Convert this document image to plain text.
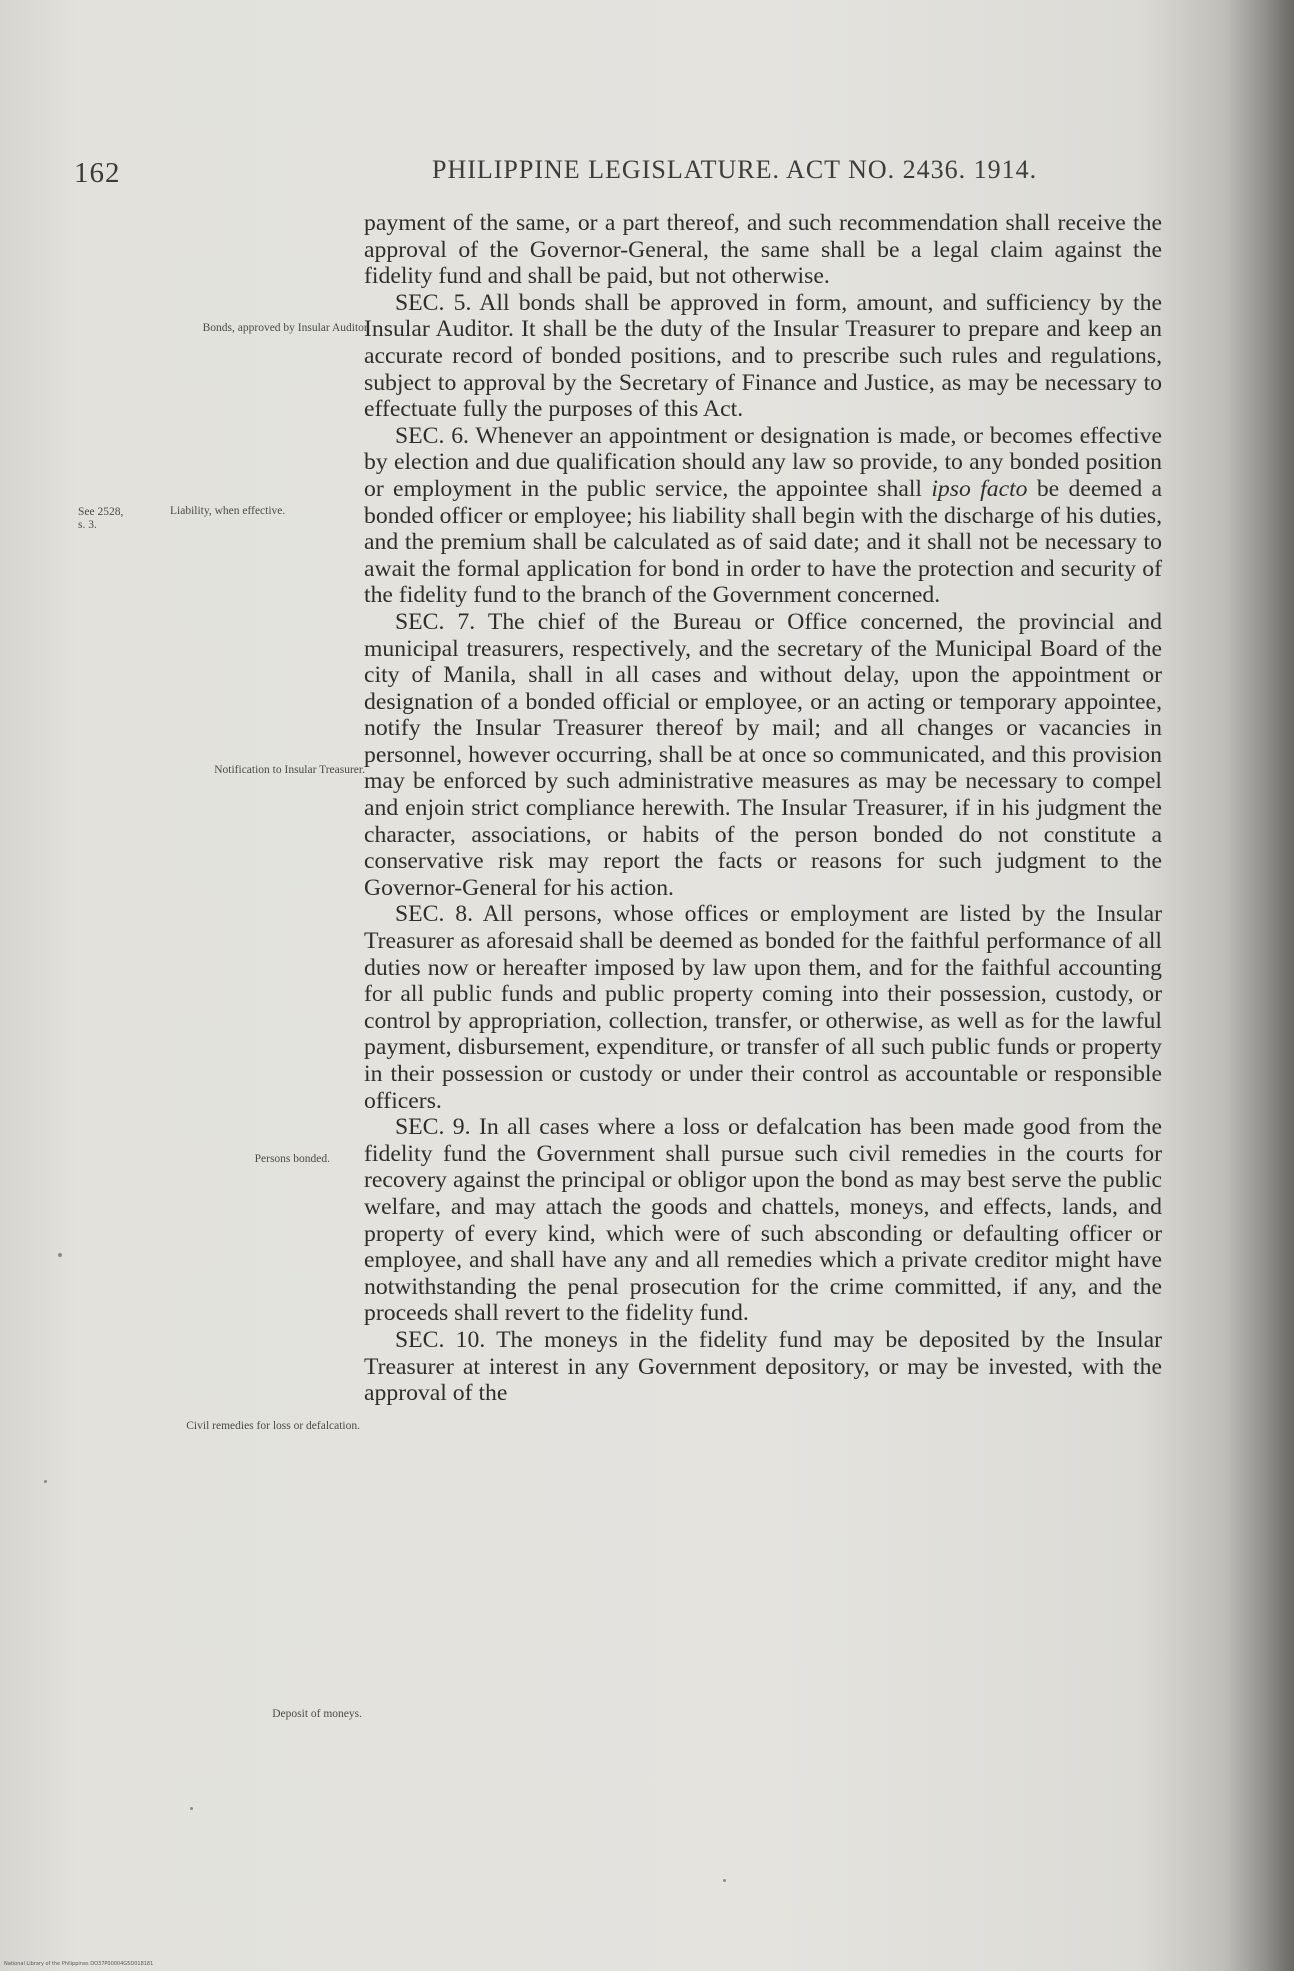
162	PHILIPPINE LEGISLATURE. ACT NO. 2436. 1914.
Bonds, approved by Insular Auditor.
See 2528, s. 3.
Liability, when effective.
Notification to Insular Treasurer.
Persons bonded.
Civil remedies for loss or defalcation.
Deposit of moneys.

payment of the same, or a part thereof, and such recommendation shall receive the approval of the Governor-General, the same shall be a legal claim against the fidelity fund and shall be paid, but not otherwise.

SEC. 5. All bonds shall be approved in form, amount, and sufficiency by the Insular Auditor. It shall be the duty of the Insular Treasurer to prepare and keep an accurate record of bonded positions, and to prescribe such rules and regulations, subject to approval by the Secretary of Finance and Justice, as may be necessary to effectuate fully the purposes of this Act.

SEC. 6. Whenever an appointment or designation is made, or becomes effective by election and due qualification should any law so provide, to any bonded position or employment in the public service, the appointee shall ipso facto be deemed a bonded officer or employee; his liability shall begin with the discharge of his duties, and the premium shall be calculated as of said date; and it shall not be necessary to await the formal application for bond in order to have the protection and security of the fidelity fund to the branch of the Government concerned.

SEC. 7. The chief of the Bureau or Office concerned, the provincial and municipal treasurers, respectively, and the secretary of the Municipal Board of the city of Manila, shall in all cases and without delay, upon the appointment or designation of a bonded official or employee, or an acting or temporary appointee, notify the Insular Treasurer thereof by mail; and all changes or vacancies in personnel, however occurring, shall be at once so communicated, and this provision may be enforced by such administrative measures as may be necessary to compel and enjoin strict compliance herewith. The Insular Treasurer, if in his judgment the character, associations, or habits of the person bonded do not constitute a conservative risk may report the facts or reasons for such judgment to the Governor-General for his action.

SEC. 8. All persons, whose offices or employment are listed by the Insular Treasurer as aforesaid shall be deemed as bonded for the faithful performance of all duties now or hereafter imposed by law upon them, and for the faithful accounting for all public funds and public property coming into their possession, custody, or control by appropriation, collection, transfer, or otherwise, as well as for the lawful payment, disbursement, expenditure, or transfer of all such public funds or property in their possession or custody or under their control as accountable or responsible officers.

SEC. 9. In all cases where a loss or defalcation has been made good from the fidelity fund the Government shall pursue such civil remedies in the courts for recovery against the principal or obligor upon the bond as may best serve the public welfare, and may attach the goods and chattels, moneys, and effects, lands, and property of every kind, which were of such absconding or defaulting officer or employee, and shall have any and all remedies which a private creditor might have notwithstanding the penal prosecution for the crime committed, if any, and the proceeds shall revert to the fidelity fund.

SEC. 10. The moneys in the fidelity fund may be deposited by the Insular Treasurer at interest in any Government depository, or may be invested, with the approval of the

National Library of the Philippines DO37P00004G5D018181
